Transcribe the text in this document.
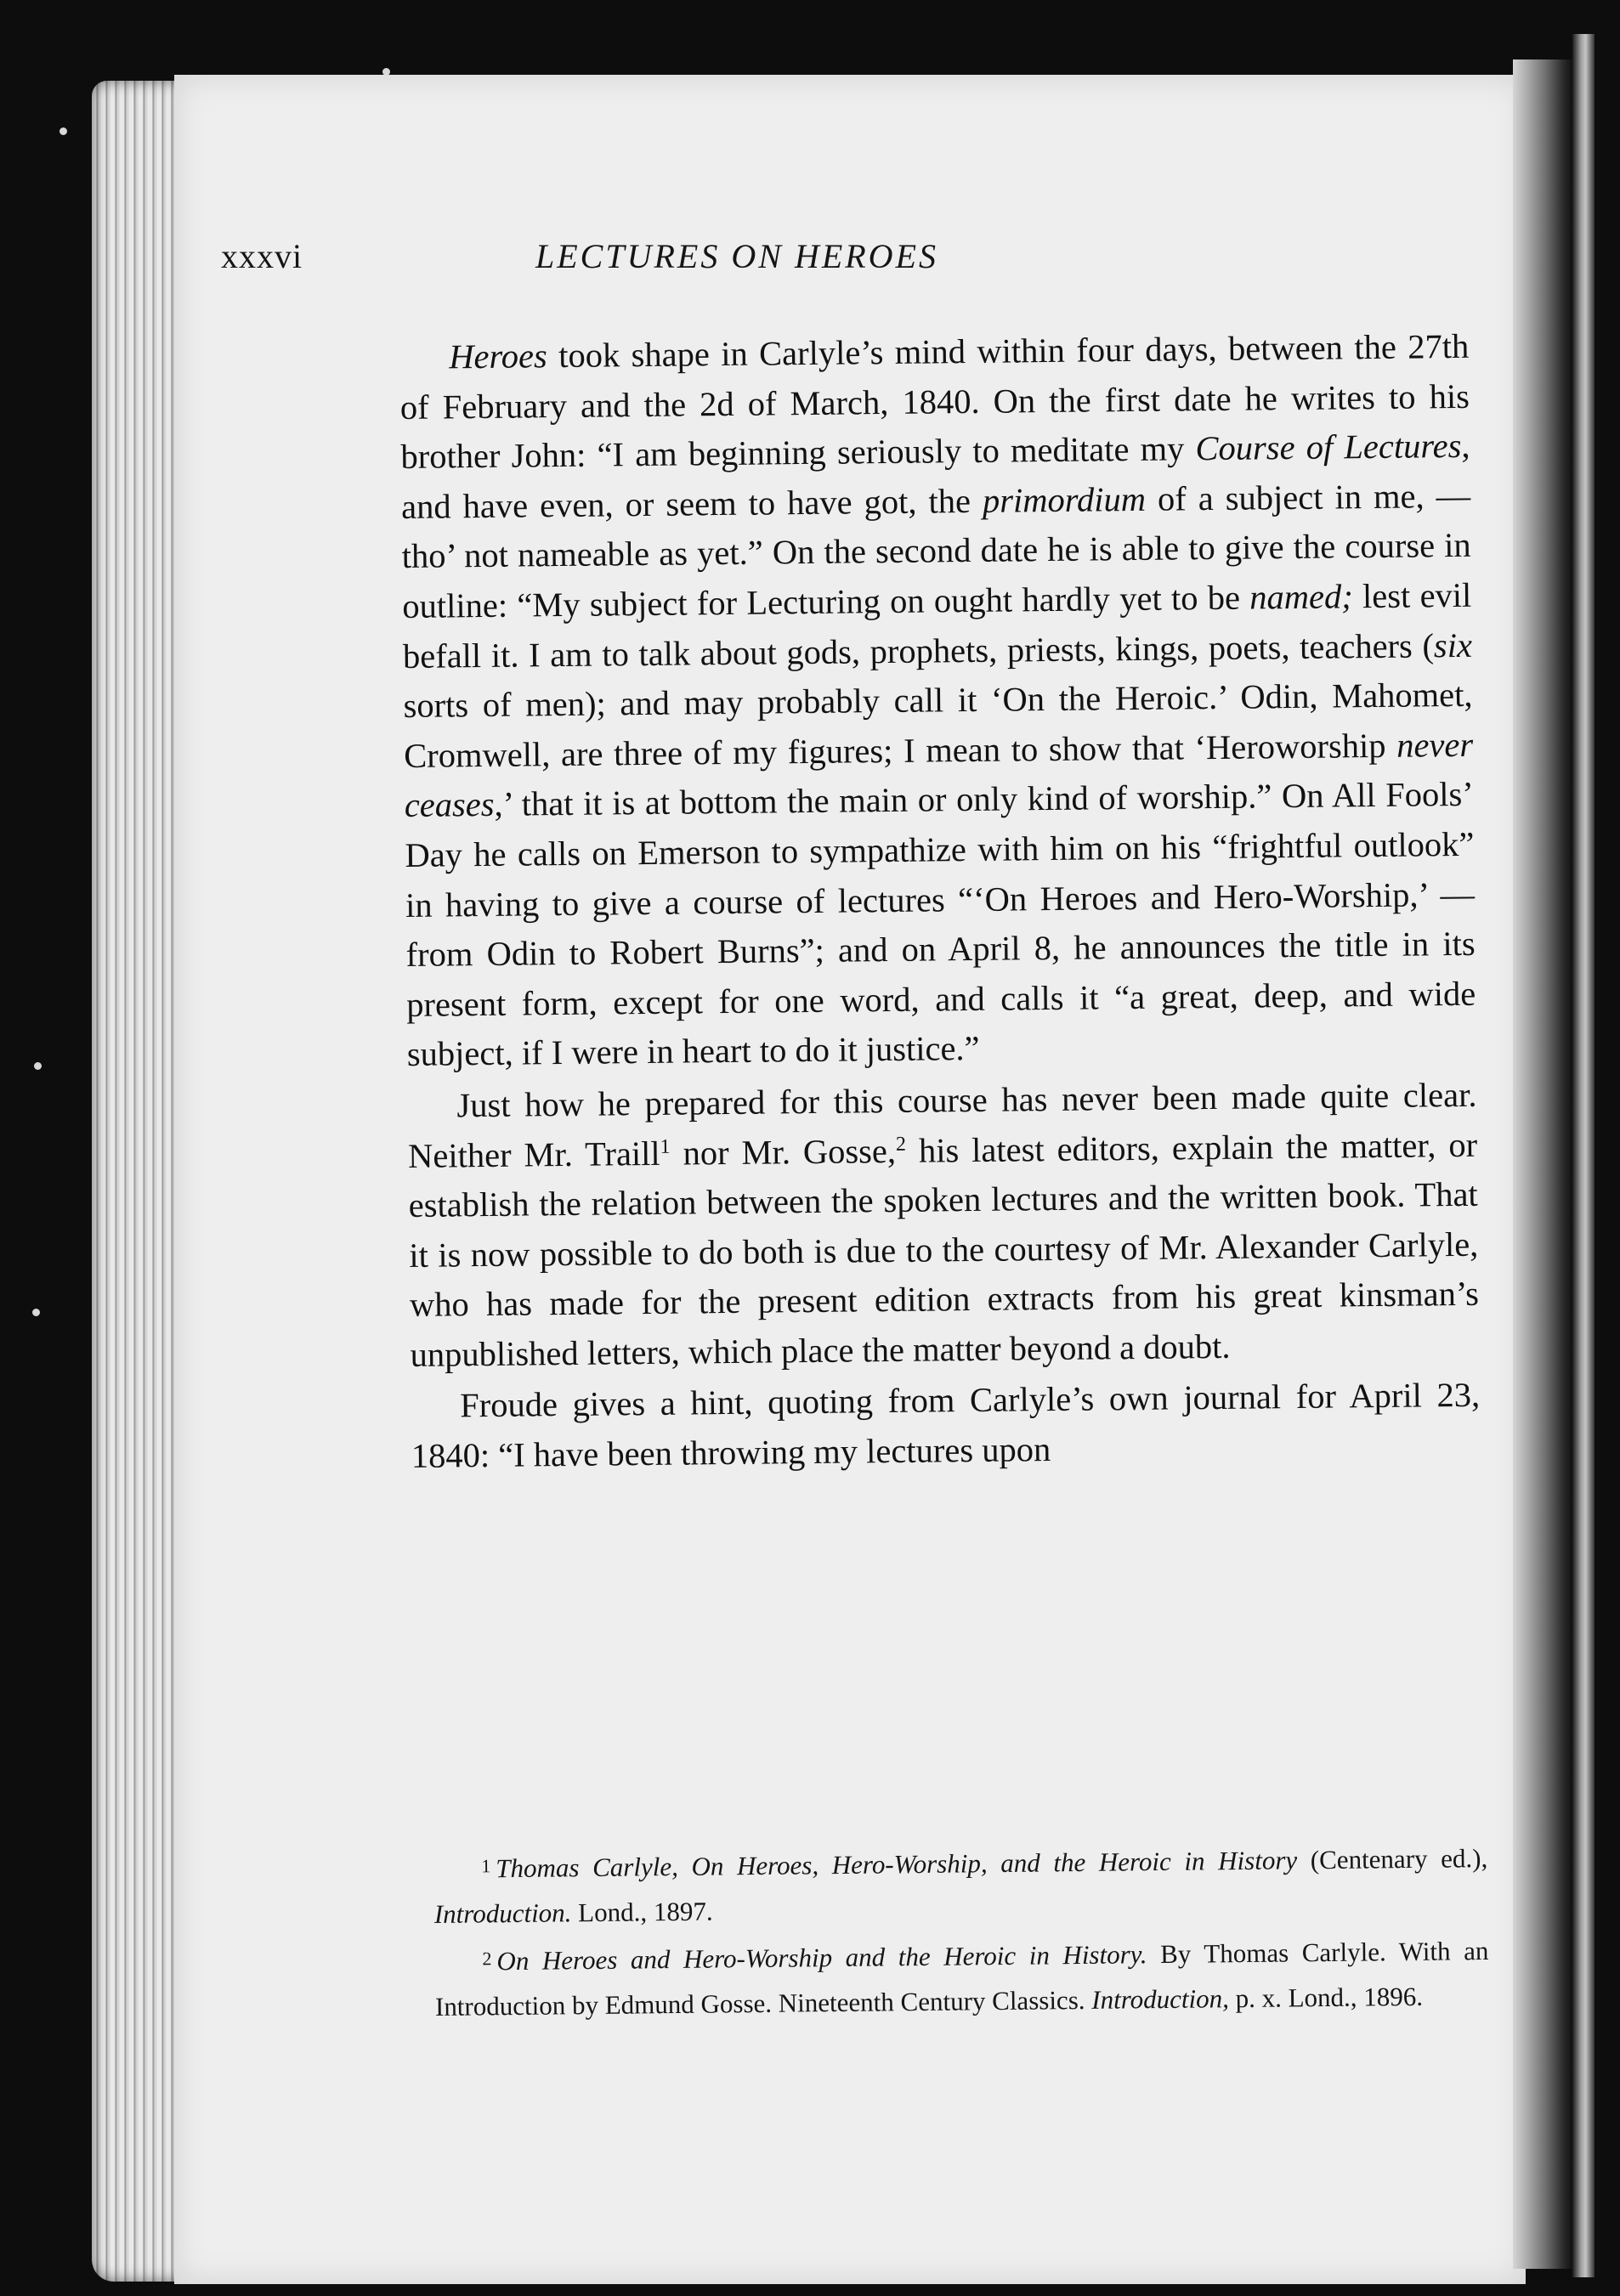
xxxvi	LECTURES ON HEROES

Heroes took shape in Carlyle’s mind within four days, between the 27th of February and the 2d of March, 1840. On the first date he writes to his brother John: “I am beginning seriously to meditate my Course of Lectures, and have even, or seem to have got, the primordium of a subject in me, — tho’ not nameable as yet.” On the second date he is able to give the course in outline: “My subject for Lecturing on ought hardly yet to be named; lest evil befall it. I am to talk about gods, prophets, priests, kings, poets, teachers (six sorts of men); and may probably call it ‘On the Heroic.’ Odin, Mahomet, Cromwell, are three of my figures; I mean to show that ‘Heroworship never ceases,’ that it is at bottom the main or only kind of worship.” On All Fools’ Day he calls on Emerson to sympathize with him on his “frightful outlook” in having to give a course of lectures “‘On Heroes and Hero-Worship,’ — from Odin to Robert Burns”; and on April 8, he announces the title in its present form, except for one word, and calls it “a great, deep, and wide subject, if I were in heart to do it justice.”

Just how he prepared for this course has never been made quite clear. Neither Mr. Traill$^1$ nor Mr. Gosse,$^2$ his latest editors, explain the matter, or establish the relation between the spoken lectures and the written book. That it is now possible to do both is due to the courtesy of Mr. Alexander Carlyle, who has made for the present edition extracts from his great kinsman’s unpublished letters, which place the matter beyond a doubt.

Froude gives a hint, quoting from Carlyle’s own journal for April 23, 1840: “I have been throwing my lectures upon

1 Thomas Carlyle, On Heroes, Hero-Worship, and the Heroic in History (Centenary ed.), Introduction. Lond., 1897.

2 On Heroes and Hero-Worship and the Heroic in History. By Thomas Carlyle. With an Introduction by Edmund Gosse. Nineteenth Century Classics. Introduction, p. x. Lond., 1896.
